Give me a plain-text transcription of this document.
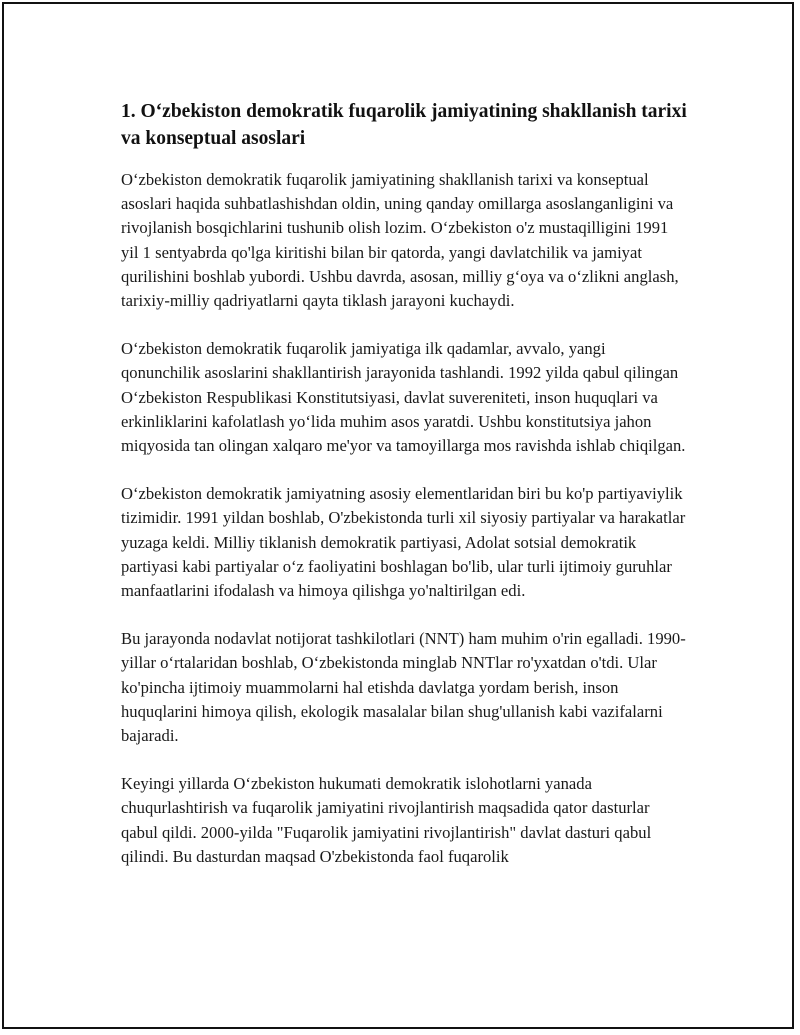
1. O‘zbekiston demokratik fuqarolik jamiyatining shakllanish tarixi va konseptual asoslari

O‘zbekiston demokratik fuqarolik jamiyatining shakllanish tarixi va konseptual asoslari haqida suhbatlashishdan oldin, uning qanday omillarga asoslanganligini va rivojlanish bosqichlarini tushunib olish lozim. O‘zbekiston o'z mustaqilligini 1991 yil 1 sentyabrda qo'lga kiritishi bilan bir qatorda, yangi davlatchilik va jamiyat qurilishini boshlab yubordi. Ushbu davrda, asosan, milliy g‘oya va o‘zlikni anglash, tarixiy-milliy qadriyatlarni qayta tiklash jarayoni kuchaydi.

O‘zbekiston demokratik fuqarolik jamiyatiga ilk qadamlar, avvalo, yangi qonunchilik asoslarini shakllantirish jarayonida tashlandi. 1992 yilda qabul qilingan O‘zbekiston Respublikasi Konstitutsiyasi, davlat suvereniteti, inson huquqlari va erkinliklarini kafolatlash yo‘lida muhim asos yaratdi. Ushbu konstitutsiya jahon miqyosida tan olingan xalqaro me'yor va tamoyillarga mos ravishda ishlab chiqilgan.

O‘zbekiston demokratik jamiyatning asosiy elementlaridan biri bu ko'p partiyaviylik tizimidir. 1991 yildan boshlab, O'zbekistonda turli xil siyosiy partiyalar va harakatlar yuzaga keldi. Milliy tiklanish demokratik partiyasi, Adolat sotsial demokratik partiyasi kabi partiyalar o‘z faoliyatini boshlagan bo'lib, ular turli ijtimoiy guruhlar manfaatlarini ifodalash va himoya qilishga yo'naltirilgan edi.

Bu jarayonda nodavlat notijorat tashkilotlari (NNT) ham muhim o'rin egalladi. 1990-yillar o‘rtalaridan boshlab, O‘zbekistonda minglab NNTlar ro'yxatdan o'tdi. Ular ko'pincha ijtimoiy muammolarni hal etishda davlatga yordam berish, inson huquqlarini himoya qilish, ekologik masalalar bilan shug'ullanish kabi vazifalarni bajaradi.

Keyingi yillarda O‘zbekiston hukumati demokratik islohotlarni yanada chuqurlashtirish va fuqarolik jamiyatini rivojlantirish maqsadida qator dasturlar qabul qildi. 2000-yilda "Fuqarolik jamiyatini rivojlantirish" davlat dasturi qabul qilindi. Bu dasturdan maqsad O'zbekistonda faol fuqarolik
